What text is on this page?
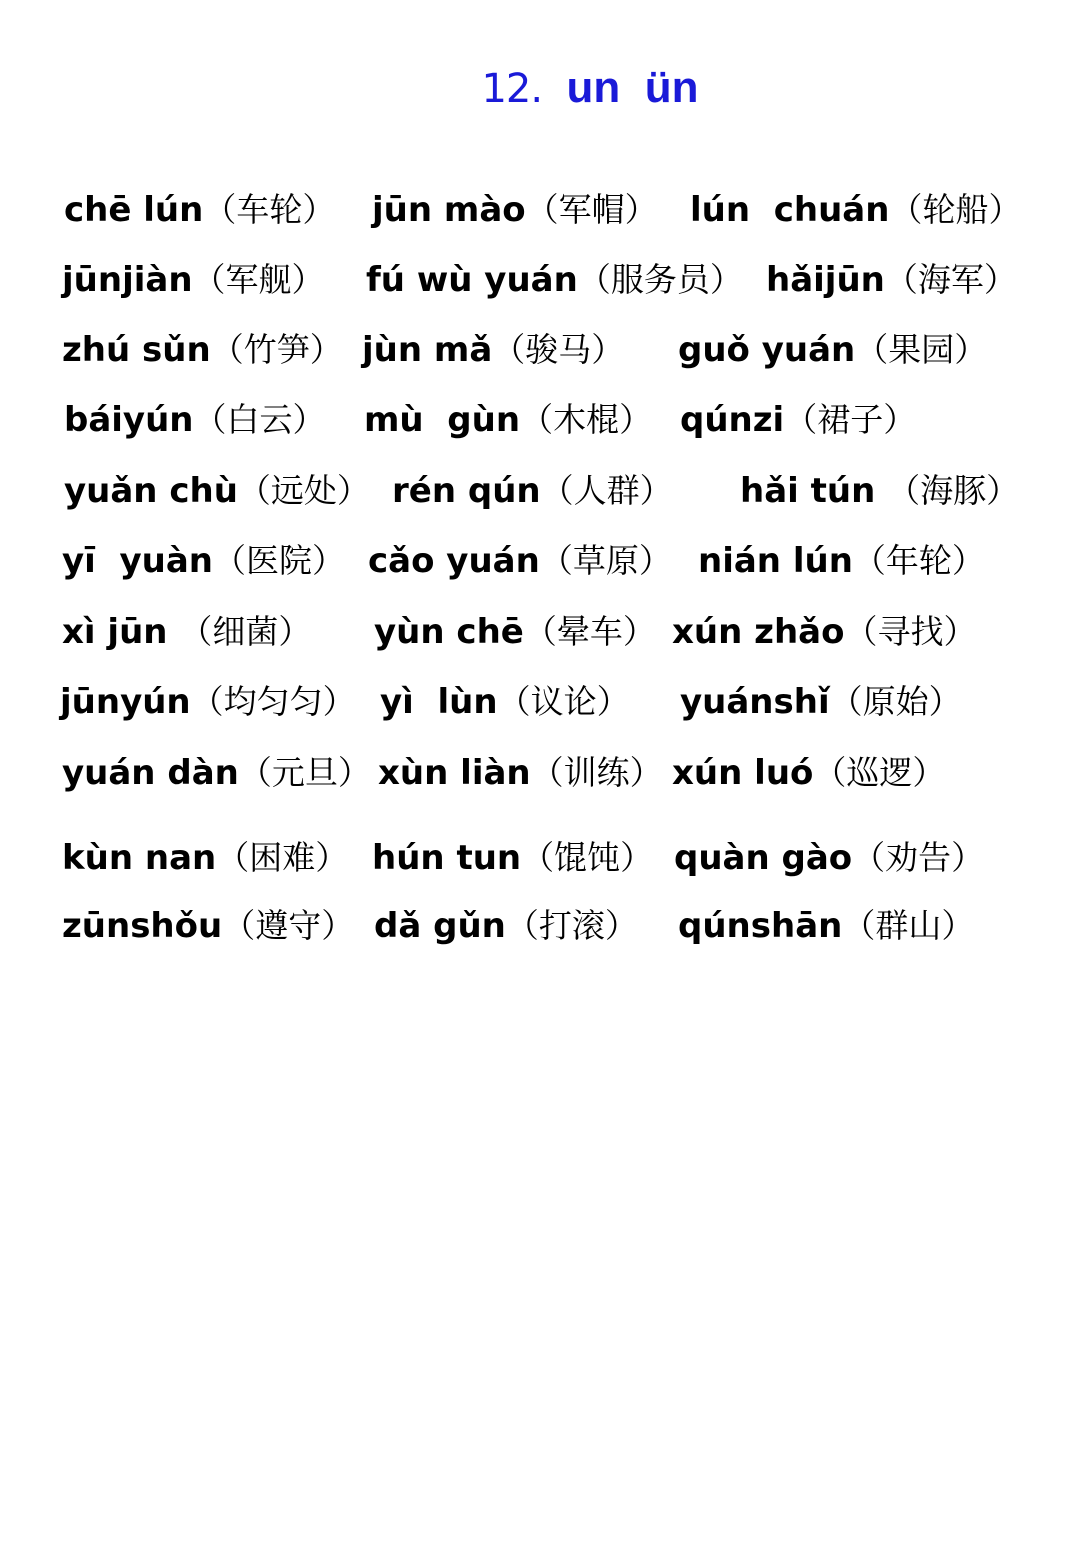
12. un  ün
chē lún（车轮） jūn mào（军帽） lún  chuán（轮船）
jūnjiàn（军舰） fú wù yuán（服务员） hǎijūn（海军）
zhú sǔn（竹笋） jùn mǎ（骏马） guǒ yuán（果园）
báiyún（白云） mù  gùn（木棍） qúnzi（裙子）
yuǎn chù（远处） rén qún（人群） hǎi tún （海豚）
yī  yuàn（医院） cǎo yuán（草原） nián lún（年轮）
xì jūn （细菌） yùn chē（晕车） xún zhǎo（寻找）
jūnyún（均匀匀） yì  lùn（议论） yuánshǐ（原始）
yuán dàn（元旦） xùn liàn（训练） xún luó（巡逻）
kùn nan（困难） hún tun（馄饨） quàn gào（劝告）
zūnshǒu（遵守） dǎ gǔn（打滚） qúnshān（群山）
